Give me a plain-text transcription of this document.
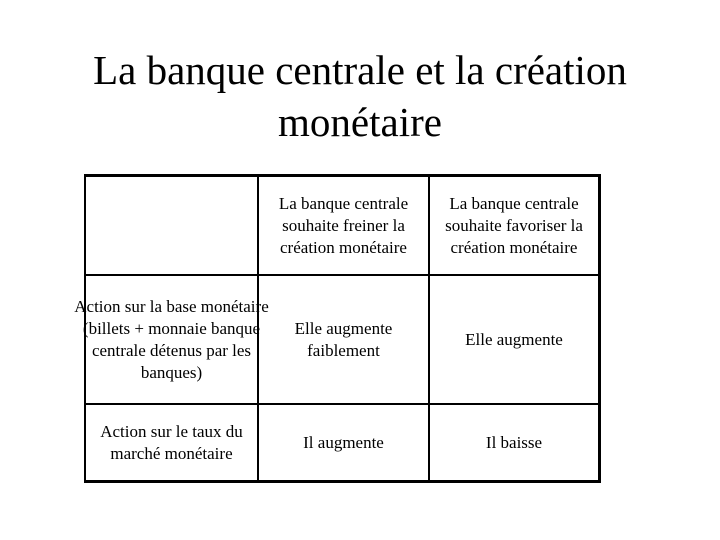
La banque centrale et la création monétaire
La banque centrale souhaite freiner la création monétaire
La banque centrale souhaite favoriser la création monétaire
Action sur la base monétaire (billets + monnaie banque centrale détenus par les banques)
Elle augmente faiblement
Elle augmente
Action sur le taux du marché monétaire
Il augmente	Il baisse
